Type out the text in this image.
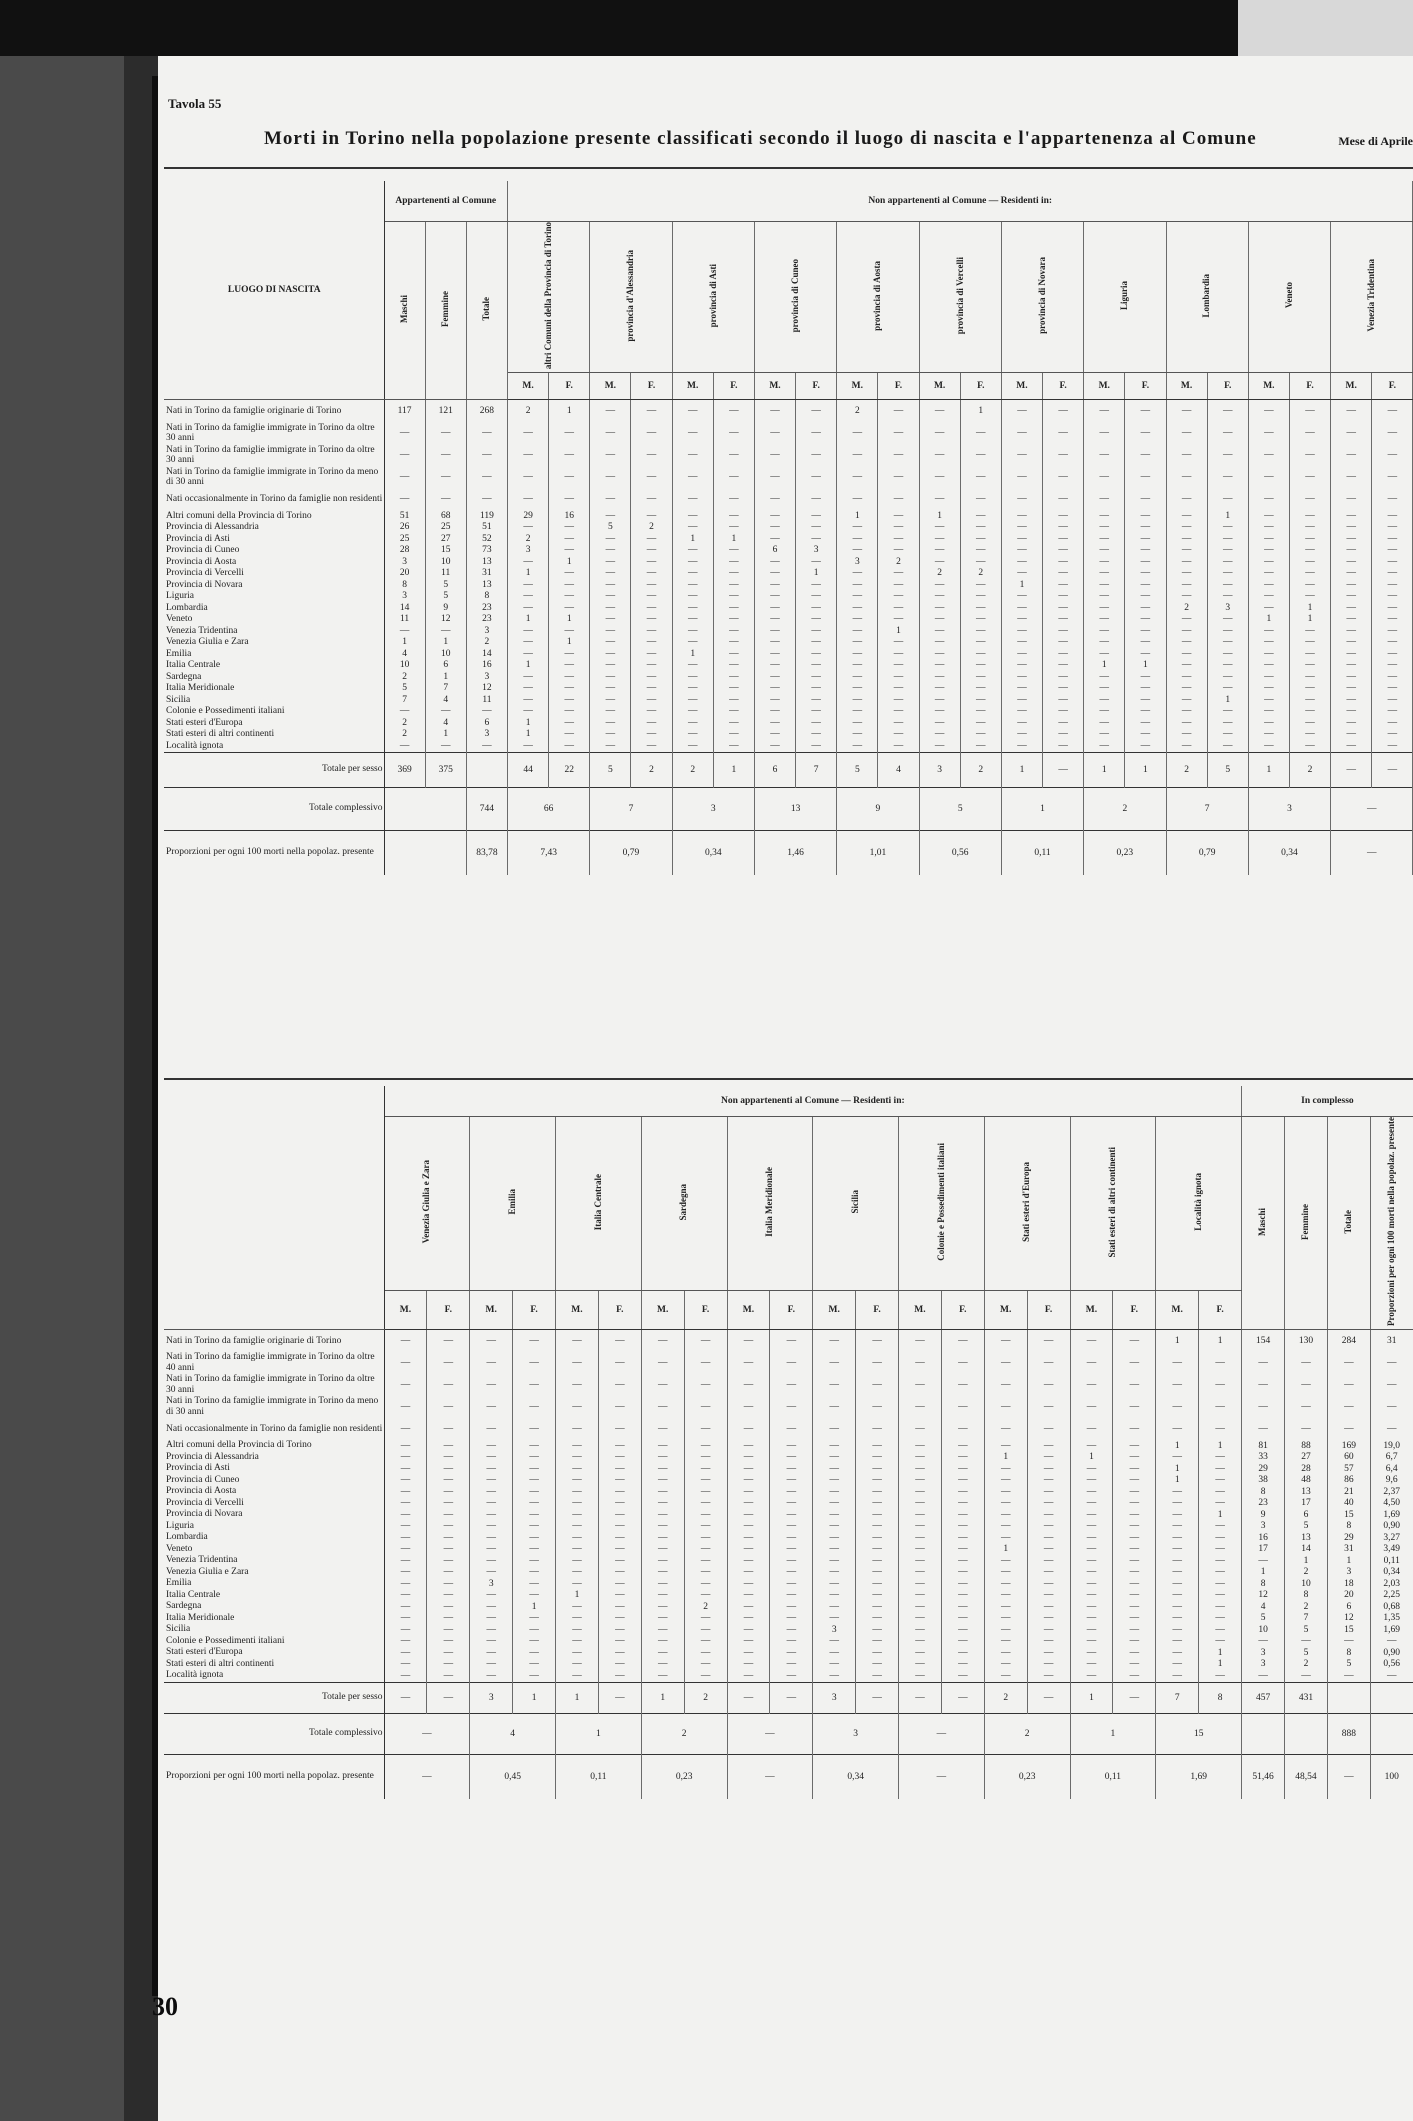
Tavola 55
Mese di Aprile
Morti in Torino nella popolazione presente classificati secondo il luogo di nascita e l'appartenenza al Comune
LUOGO DI NASCITA	Appartenenti al Comune			Non appartenenti al Comune — Residenti in:																					
	Maschi	Femmine	Totale	altri Comuni della Provincia di Torino		provincia d'Alessandria		provincia di Asti		provincia di Cuneo		provincia di Aosta		provincia di Vercelli		provincia di Novara		Liguria		Lombardia		Veneto		Venezia Tridentina	
				M.	F.	M.	F.	M.	F.	M.	F.	M.	F.	M.	F.	M.	F.	M.	F.	M.	F.	M.	F.	M.	F.
Nati in Torino da famiglie originarie di Torino	117	121	268	2	1	—	—	—	—	—	—	2	—	—	1	—	—	—	—	—	—	—	—	—	—
Nati in Torino da famiglie immigrate in Torino da oltre 30 anni	—	—	—	—	—	—	—	—	—	—	—	—	—	—	—	—	—	—	—	—	—	—	—	—	—
Nati in Torino da famiglie immigrate in Torino da oltre 30 anni	—	—	—	—	—	—	—	—	—	—	—	—	—	—	—	—	—	—	—	—	—	—	—	—	—
Nati in Torino da famiglie immigrate in Torino da meno di 30 anni	—	—	—	—	—	—	—	—	—	—	—	—	—	—	—	—	—	—	—	—	—	—	—	—	—
Nati occasionalmente in Torino da famiglie non residenti	—	—	—	—	—	—	—	—	—	—	—	—	—	—	—	—	—	—	—	—	—	—	—	—	—
Altri comuni della Provincia di Torino	51	68	119	29	16	—	—	—	—	—	—	1	—	1	—	—	—	—	—	—	1	—	—	—	—
Provincia di Alessandria	26	25	51	—	—	5	2	—	—	—	—	—	—	—	—	—	—	—	—	—	—	—	—	—	—
Provincia di Asti	25	27	52	2	—	—	—	1	1	—	—	—	—	—	—	—	—	—	—	—	—	—	—	—	—
Provincia di Cuneo	28	15	73	3	—	—	—	—	—	6	3	—	—	—	—	—	—	—	—	—	—	—	—	—	—
Provincia di Aosta	3	10	13	—	1	—	—	—	—	—	—	3	2	—	—	—	—	—	—	—	—	—	—	—	—
Provincia di Vercelli	20	11	31	1	—	—	—	—	—	—	1	—	—	2	2	—	—	—	—	—	—	—	—	—	—
Provincia di Novara	8	5	13	—	—	—	—	—	—	—	—	—	—	—	—	1	—	—	—	—	—	—	—	—	—
Liguria	3	5	8	—	—	—	—	—	—	—	—	—	—	—	—	—	—	—	—	—	—	—	—	—	—
Lombardia	14	9	23	—	—	—	—	—	—	—	—	—	—	—	—	—	—	—	—	2	3	—	1	—	—
Veneto	11	12	23	1	1	—	—	—	—	—	—	—	—	—	—	—	—	—	—	—	—	1	1	—	—
Venezia Tridentina	—	—	3	—	—	—	—	—	—	—	—	—	1	—	—	—	—	—	—	—	—	—	—	—	—
Venezia Giulia e Zara	1	1	2	—	1	—	—	—	—	—	—	—	—	—	—	—	—	—	—	—	—	—	—	—	—
Emilia	4	10	14	—	—	—	—	1	—	—	—	—	—	—	—	—	—	—	—	—	—	—	—	—	—
Italia Centrale	10	6	16	1	—	—	—	—	—	—	—	—	—	—	—	—	—	1	1	—	—	—	—	—	—
Sardegna	2	1	3	—	—	—	—	—	—	—	—	—	—	—	—	—	—	—	—	—	—	—	—	—	—
Italia Meridionale	5	7	12	—	—	—	—	—	—	—	—	—	—	—	—	—	—	—	—	—	—	—	—	—	—
Sicilia	7	4	11	—	—	—	—	—	—	—	—	—	—	—	—	—	—	—	—	—	1	—	—	—	—
Colonie e Possedimenti italiani	—	—	—	—	—	—	—	—	—	—	—	—	—	—	—	—	—	—	—	—	—	—	—	—	—
Stati esteri d'Europa	2	4	6	1	—	—	—	—	—	—	—	—	—	—	—	—	—	—	—	—	—	—	—	—	—
Stati esteri di altri continenti	2	1	3	1	—	—	—	—	—	—	—	—	—	—	—	—	—	—	—	—	—	—	—	—	—
Località ignota	—	—	—	—	—	—	—	—	—	—	—	—	—	—	—	—	—	—	—	—	—	—	—	—	—
Totale per sesso	369	375		44	22	5	2	2	1	6	7	5	4	3	2	1	—	1	1	2	5	1	2	—	—
Totale complessivo			744	66		7		3		13		9		5		1		2		7		3		—	
Proporzioni per ogni 100 morti nella popolaz. presente			83,78	7,43		0,79		0,34		1,46		1,01		0,56		0,11		0,23		0,79		0,34		—	
	Non appartenenti al Comune — Residenti in:																				In complesso			
	Venezia Giulia e Zara		Emilia		Italia Centrale		Sardegna		Italia Meridionale		Sicilia		Colonie e Possedimenti italiani		Stati esteri d'Europa		Stati esteri di altri continenti		Località ignota		Maschi	Femmine	Totale	Proporzioni per ogni 100 morti nella popolaz. presente
	M.	F.	M.	F.	M.	F.	M.	F.	M.	F.	M.	F.	M.	F.	M.	F.	M.	F.	M.	F.				
Nati in Torino da famiglie originarie di Torino	—	—	—	—	—	—	—	—	—	—	—	—	—	—	—	—	—	—	1	1	154	130	284	31
Nati in Torino da famiglie immigrate in Torino da oltre 40 anni	—	—	—	—	—	—	—	—	—	—	—	—	—	—	—	—	—	—	—	—	—	—	—	—
Nati in Torino da famiglie immigrate in Torino da oltre 30 anni	—	—	—	—	—	—	—	—	—	—	—	—	—	—	—	—	—	—	—	—	—	—	—	—
Nati in Torino da famiglie immigrate in Torino da meno di 30 anni	—	—	—	—	—	—	—	—	—	—	—	—	—	—	—	—	—	—	—	—	—	—	—	—
Nati occasionalmente in Torino da famiglie non residenti	—	—	—	—	—	—	—	—	—	—	—	—	—	—	—	—	—	—	—	—	—	—	—	—
Altri comuni della Provincia di Torino	—	—	—	—	—	—	—	—	—	—	—	—	—	—	—	—	—	—	1	1	81	88	169	19,0
Provincia di Alessandria	—	—	—	—	—	—	—	—	—	—	—	—	—	—	1	—	1	—	—	—	33	27	60	6,7
Provincia di Asti	—	—	—	—	—	—	—	—	—	—	—	—	—	—	—	—	—	—	1	—	29	28	57	6,4
Provincia di Cuneo	—	—	—	—	—	—	—	—	—	—	—	—	—	—	—	—	—	—	1	—	38	48	86	9,6
Provincia di Aosta	—	—	—	—	—	—	—	—	—	—	—	—	—	—	—	—	—	—	—	—	8	13	21	2,37
Provincia di Vercelli	—	—	—	—	—	—	—	—	—	—	—	—	—	—	—	—	—	—	—	—	23	17	40	4,50
Provincia di Novara	—	—	—	—	—	—	—	—	—	—	—	—	—	—	—	—	—	—	—	1	9	6	15	1,69
Liguria	—	—	—	—	—	—	—	—	—	—	—	—	—	—	—	—	—	—	—	—	3	5	8	0,90
Lombardia	—	—	—	—	—	—	—	—	—	—	—	—	—	—	—	—	—	—	—	—	16	13	29	3,27
Veneto	—	—	—	—	—	—	—	—	—	—	—	—	—	—	1	—	—	—	—	—	17	14	31	3,49
Venezia Tridentina	—	—	—	—	—	—	—	—	—	—	—	—	—	—	—	—	—	—	—	—	—	1	1	0,11
Venezia Giulia e Zara	—	—	—	—	—	—	—	—	—	—	—	—	—	—	—	—	—	—	—	—	1	2	3	0,34
Emilia	—	—	3	—	—	—	—	—	—	—	—	—	—	—	—	—	—	—	—	—	8	10	18	2,03
Italia Centrale	—	—	—	—	1	—	—	—	—	—	—	—	—	—	—	—	—	—	—	—	12	8	20	2,25
Sardegna	—	—	—	1	—	—	—	2	—	—	—	—	—	—	—	—	—	—	—	—	4	2	6	0,68
Italia Meridionale	—	—	—	—	—	—	—	—	—	—	—	—	—	—	—	—	—	—	—	—	5	7	12	1,35
Sicilia	—	—	—	—	—	—	—	—	—	—	3	—	—	—	—	—	—	—	—	—	10	5	15	1,69
Colonie e Possedimenti italiani	—	—	—	—	—	—	—	—	—	—	—	—	—	—	—	—	—	—	—	—	—	—	—	—
Stati esteri d'Europa	—	—	—	—	—	—	—	—	—	—	—	—	—	—	—	—	—	—	—	1	3	5	8	0,90
Stati esteri di altri continenti	—	—	—	—	—	—	—	—	—	—	—	—	—	—	—	—	—	—	—	1	3	2	5	0,56
Località ignota	—	—	—	—	—	—	—	—	—	—	—	—	—	—	—	—	—	—	—	—	—	—	—	—
Totale per sesso	—	—	3	1	1	—	1	2	—	—	3	—	—	—	2	—	1	—	7	8	457	431		
Totale complessivo	—		4		1		2		—		3		—		2		1		15				888	
Proporzioni per ogni 100 morti nella popolaz. presente	—		0,45		0,11		0,23		—		0,34		—		0,23		0,11		1,69		51,46	48,54	—	100
30
